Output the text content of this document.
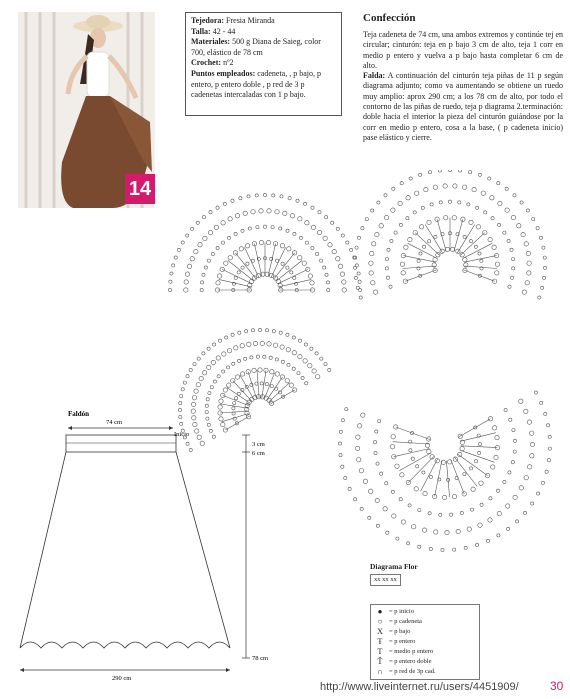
14
Tejedora: Fresia Miranda
Talla: 42 - 44
Materiales: 500 g Diana de Saieg, color 700, elástico de 78 cm
Crochet: nº2
Puntos empleados: cadeneta, , p bajo, p entero, p entero doble , p red de 3 p cadenetas intercaladas con 1 p bajo.
Confección
Teja cadeneta de 74 cm, una ambos extremos y continúe tej en circular; cinturón: teja en p bajo 3 cm de alto, teja 1 corr en medio p entero y vuelva a p bajo hasta completar 6 cm de alto.
Falda: A continuación del cinturón teja piñas de 11 p según diagrama adjunto; como va aumentando se obtiene un ruedo muy amplio: aprox 290 cm; a los 78 cm de alto, por todo el contorno de las piñas de ruedo, teja p diagrama 2.terminación: doble hacia el interior la pieza del cinturón guiándose por la corr en medio p entero, cosa a la base, ( p cadeneta inicio) pase elástico y cierre.
Faldón
74 cm
Inicio
3 cm
6 cm
78 cm
290 cm
Diagrama Flor
xx xx xx
●	= p inicio
○	= p cadeneta
X = p bajo
Ŧ	= p entero
T	= medio p entero
Ť	= p entero doble
∩ = p red de 3p cad.
http://www.liveinternet.ru/users/4451909/	30
